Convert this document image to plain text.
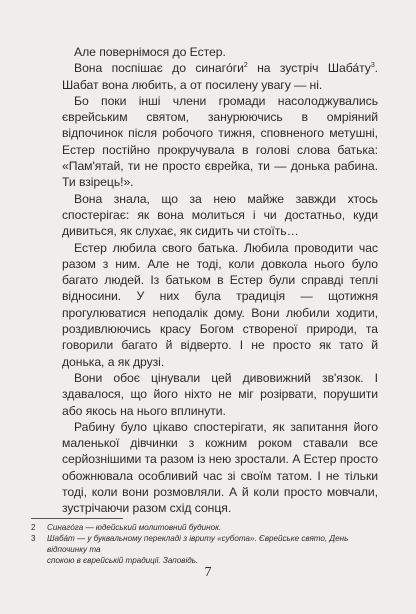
Але повернімося до Естер.

Вона поспішає до синагóги$^2$ на зустріч $Шаба́ту^3$. Шабат вона любить, а от посилену увагу — ні.

Бо поки інші члени громади насолоджувались єврейським святом, занурюючись в омріяний відпочинок після робочого тижня, сповненого метушні, Естер постійно прокручувала в голові слова батька: «Пам'ятай, ти не просто єврейка, ти — донька рабина. Ти взірець!».

Вона знала, що за нею майже завжди хтось спостерігає: як вона молиться і чи достатньо, куди дивиться, як слухає, як сидить чи стоїть…

Естер любила свого батька. Любила проводити час разом з ним. Але не тоді, коли довкола нього було багато людей. Із батьком в Естер були справді теплі відносини. У них була традиція — щотижня прогулюватися неподалік дому. Вони любили ходити, роздивлюючись красу Богом створеної природи, та говорили багато й відверто. І не просто як тато й донька, а як друзі.

Вони обоє цінували цей дивовижний зв'язок. І здавалося, що його ніхто не міг розірвати, порушити або якось на нього вплинути.

Рабину було цікаво спостерігати, як запитання його маленької дівчинки з кожним роком ставали все серйознішими та разом із нею зростали. А Естер просто обожнювала особливий час зі своїм татом. І не тільки тоді, коли вони розмовляли. А й коли просто мовчали, зустрічаючи разом схід сонця.

2	Синагóга — юдейський молитовний будинок.
3	Шабáт — у буквальному перекладі з івриту «субота». Єврейське свято, День відпочинку та
спокою в єврейській традиції. Заповідь.
7
